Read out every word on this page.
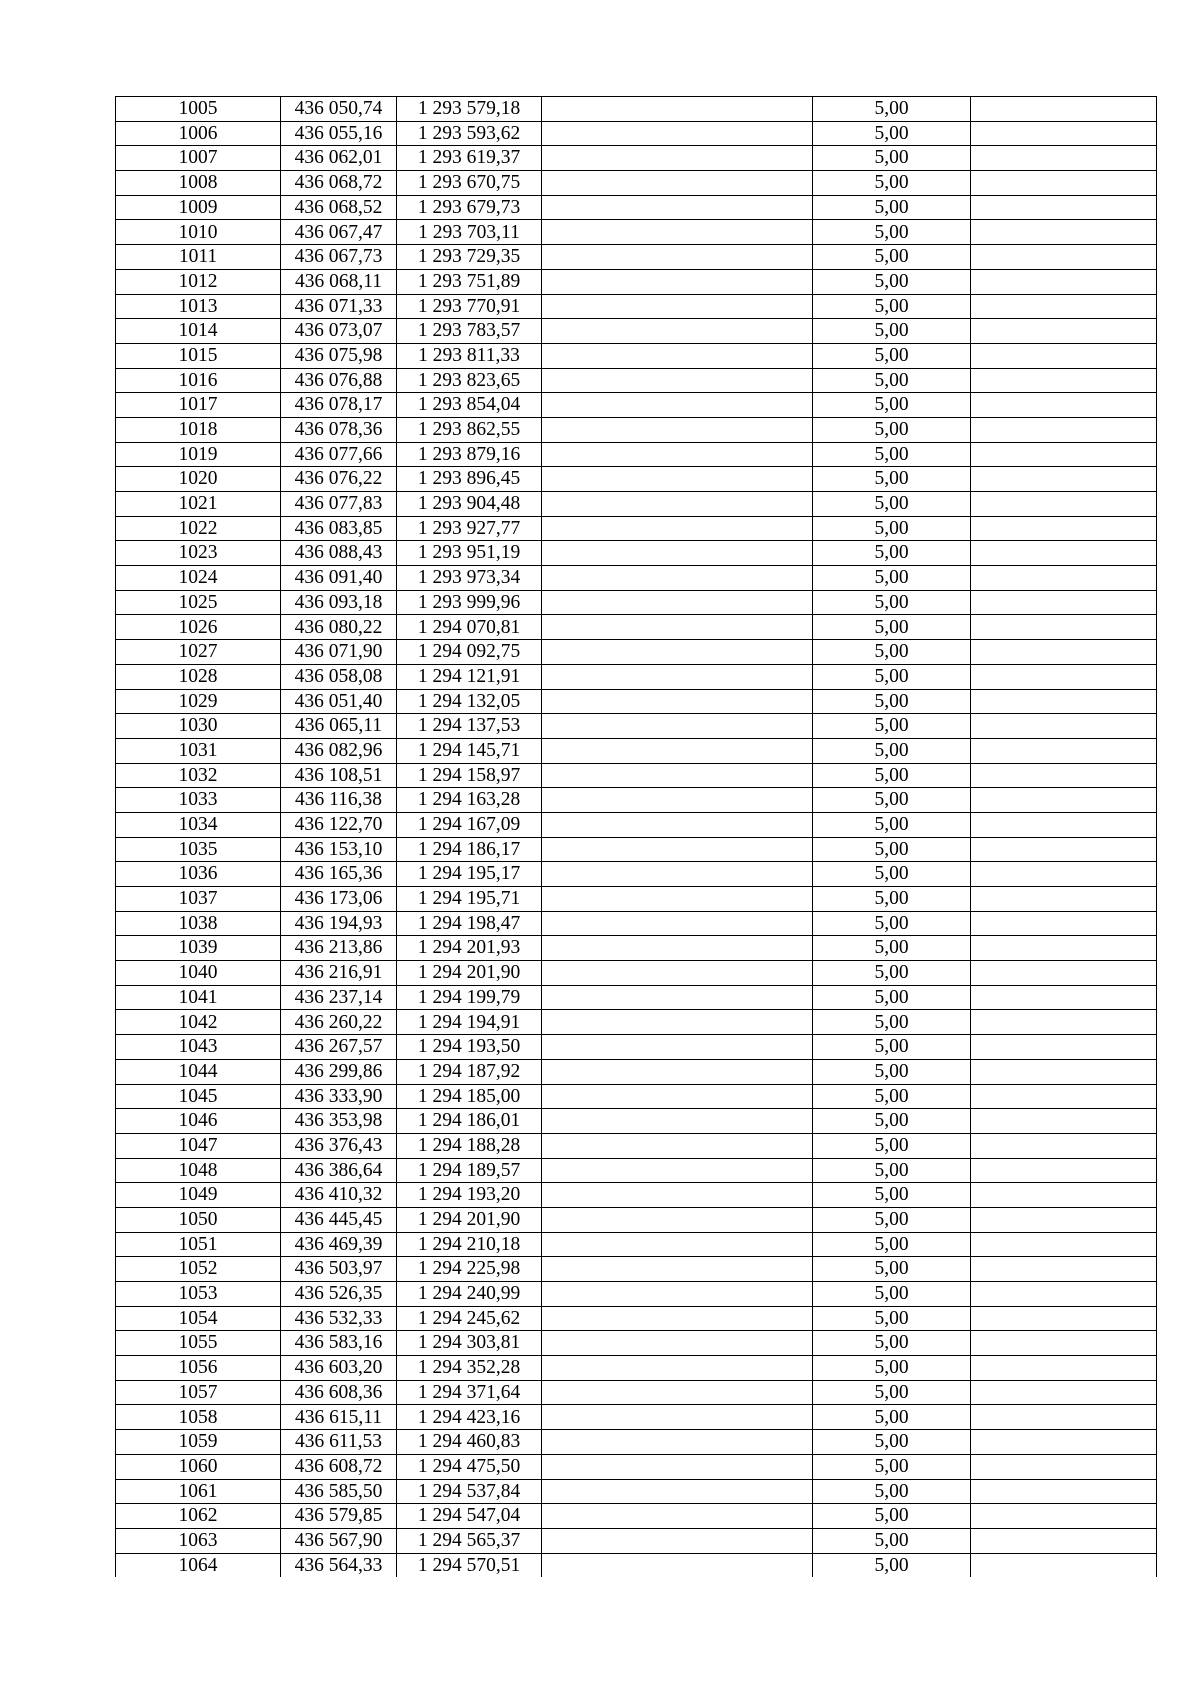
1005	436 050,74	1 293 579,18		5,00	
1006	436 055,16	1 293 593,62		5,00	
1007	436 062,01	1 293 619,37		5,00	
1008	436 068,72	1 293 670,75		5,00	
1009	436 068,52	1 293 679,73		5,00	
1010	436 067,47	1 293 703,11		5,00	
1011	436 067,73	1 293 729,35		5,00	
1012	436 068,11	1 293 751,89		5,00	
1013	436 071,33	1 293 770,91		5,00	
1014	436 073,07	1 293 783,57		5,00	
1015	436 075,98	1 293 811,33		5,00	
1016	436 076,88	1 293 823,65		5,00	
1017	436 078,17	1 293 854,04		5,00	
1018	436 078,36	1 293 862,55		5,00	
1019	436 077,66	1 293 879,16		5,00	
1020	436 076,22	1 293 896,45		5,00	
1021	436 077,83	1 293 904,48		5,00	
1022	436 083,85	1 293 927,77		5,00	
1023	436 088,43	1 293 951,19		5,00	
1024	436 091,40	1 293 973,34		5,00	
1025	436 093,18	1 293 999,96		5,00	
1026	436 080,22	1 294 070,81		5,00	
1027	436 071,90	1 294 092,75		5,00	
1028	436 058,08	1 294 121,91		5,00	
1029	436 051,40	1 294 132,05		5,00	
1030	436 065,11	1 294 137,53		5,00	
1031	436 082,96	1 294 145,71		5,00	
1032	436 108,51	1 294 158,97		5,00	
1033	436 116,38	1 294 163,28		5,00	
1034	436 122,70	1 294 167,09		5,00	
1035	436 153,10	1 294 186,17		5,00	
1036	436 165,36	1 294 195,17		5,00	
1037	436 173,06	1 294 195,71		5,00	
1038	436 194,93	1 294 198,47		5,00	
1039	436 213,86	1 294 201,93		5,00	
1040	436 216,91	1 294 201,90		5,00	
1041	436 237,14	1 294 199,79		5,00	
1042	436 260,22	1 294 194,91		5,00	
1043	436 267,57	1 294 193,50		5,00	
1044	436 299,86	1 294 187,92		5,00	
1045	436 333,90	1 294 185,00		5,00	
1046	436 353,98	1 294 186,01		5,00	
1047	436 376,43	1 294 188,28		5,00	
1048	436 386,64	1 294 189,57		5,00	
1049	436 410,32	1 294 193,20		5,00	
1050	436 445,45	1 294 201,90		5,00	
1051	436 469,39	1 294 210,18		5,00	
1052	436 503,97	1 294 225,98		5,00	
1053	436 526,35	1 294 240,99		5,00	
1054	436 532,33	1 294 245,62		5,00	
1055	436 583,16	1 294 303,81		5,00	
1056	436 603,20	1 294 352,28		5,00	
1057	436 608,36	1 294 371,64		5,00	
1058	436 615,11	1 294 423,16		5,00	
1059	436 611,53	1 294 460,83		5,00	
1060	436 608,72	1 294 475,50		5,00	
1061	436 585,50	1 294 537,84		5,00	
1062	436 579,85	1 294 547,04		5,00	
1063	436 567,90	1 294 565,37		5,00	
1064	436 564,33	1 294 570,51		5,00	
